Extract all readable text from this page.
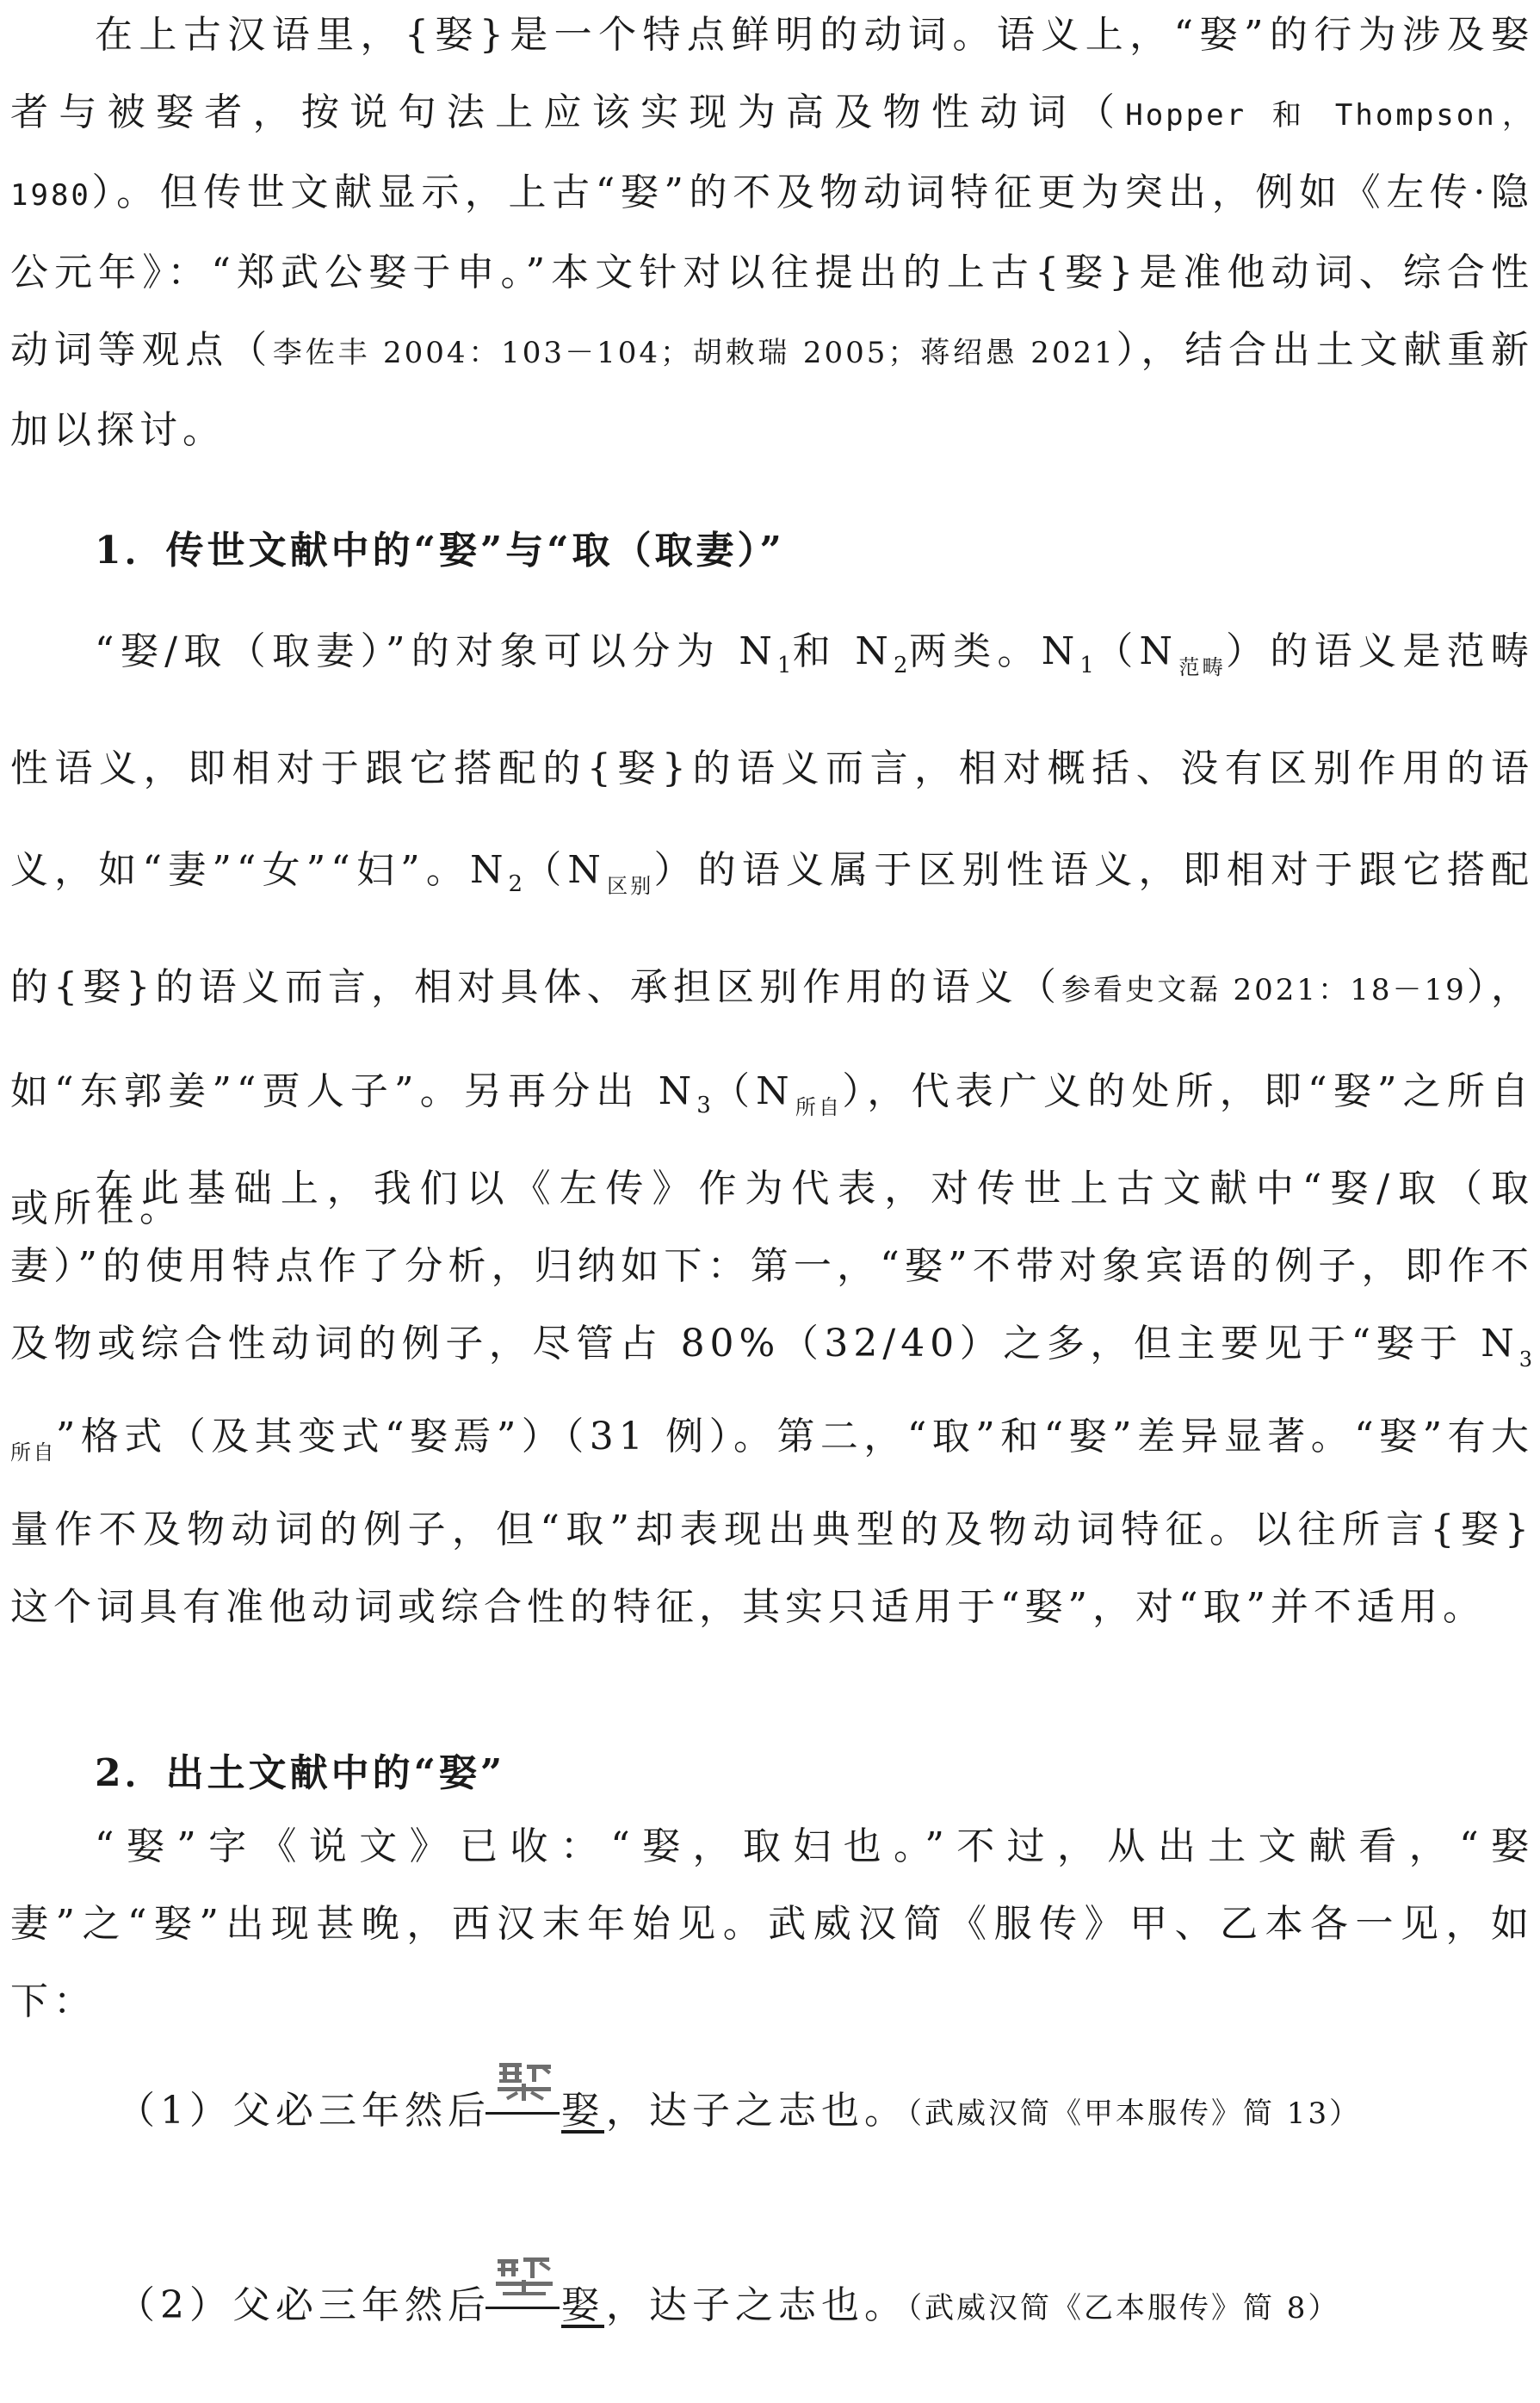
在上古汉语里，{娶}是一个特点鲜明的动词。语义上，“娶”的行为涉及娶者与被娶者，按说句法上应该实现为高及物性动词（Hopper 和 Thompson，1980）。但传世文献显示，上古“娶”的不及物动词特征更为突出，例如《左传·隐公元年》：“郑武公娶于申。”本文针对以往提出的上古{娶}是准他动词、综合性动词等观点（李佐丰 2004：103－104；胡敕瑞 2005；蒋绍愚 2021），结合出土文献重新加以探讨。

1．传世文献中的“娶”与“取（取妻）”

“娶/取（取妻）”的对象可以分为 $N_1$和 $N_2$两类。$N_1(N_{范畴})$的语义是范畴性语义，即相对于跟它搭配的{娶}的语义而言，相对概括、没有区别作用的语义，如“妻”“女”“妇”。$N_2(N_{区别})$的语义属于区别性语义，即相对于跟它搭配的{娶}的语义而言，相对具体、承担区别作用的语义（参看史文磊 2021：18－19），如“东郭姜”“贾人子”。另再分出 $N_3(N_{所自})$，代表广义的处所，即“娶”之所自或所在。

在此基础上，我们以《左传》作为代表，对传世上古文献中“娶/取（取妻）”的使用特点作了分析，归纳如下：第一，“娶”不带对象宾语的例子，即作不及物或综合性动词的例子，尽管占 80%（32/40）之多，但主要见于“娶于 $N_{3所自}$”格式（及其变式“娶焉”）（31 例）。第二，“取”和“娶”差异显著。“娶”有大量作不及物动词的例子，但“取”却表现出典型的及物动词特征。以往所言{娶}这个词具有准他动词或综合性的特征，其实只适用于“娶”，对“取”并不适用。

2．出土文献中的“娶”

“娶”字《说文》已收：“娶，取妇也。”不过，从出土文献看，“娶妻”之“娶”出现甚晚，西汉末年始见。武威汉简《服传》甲、乙本各一见，如下：

（1）父必三年然后 娶，达子之志也。（武威汉简《甲本服传》简 13）

（2）父必三年然后 娶，达子之志也。（武威汉简《乙本服传》简 8）
